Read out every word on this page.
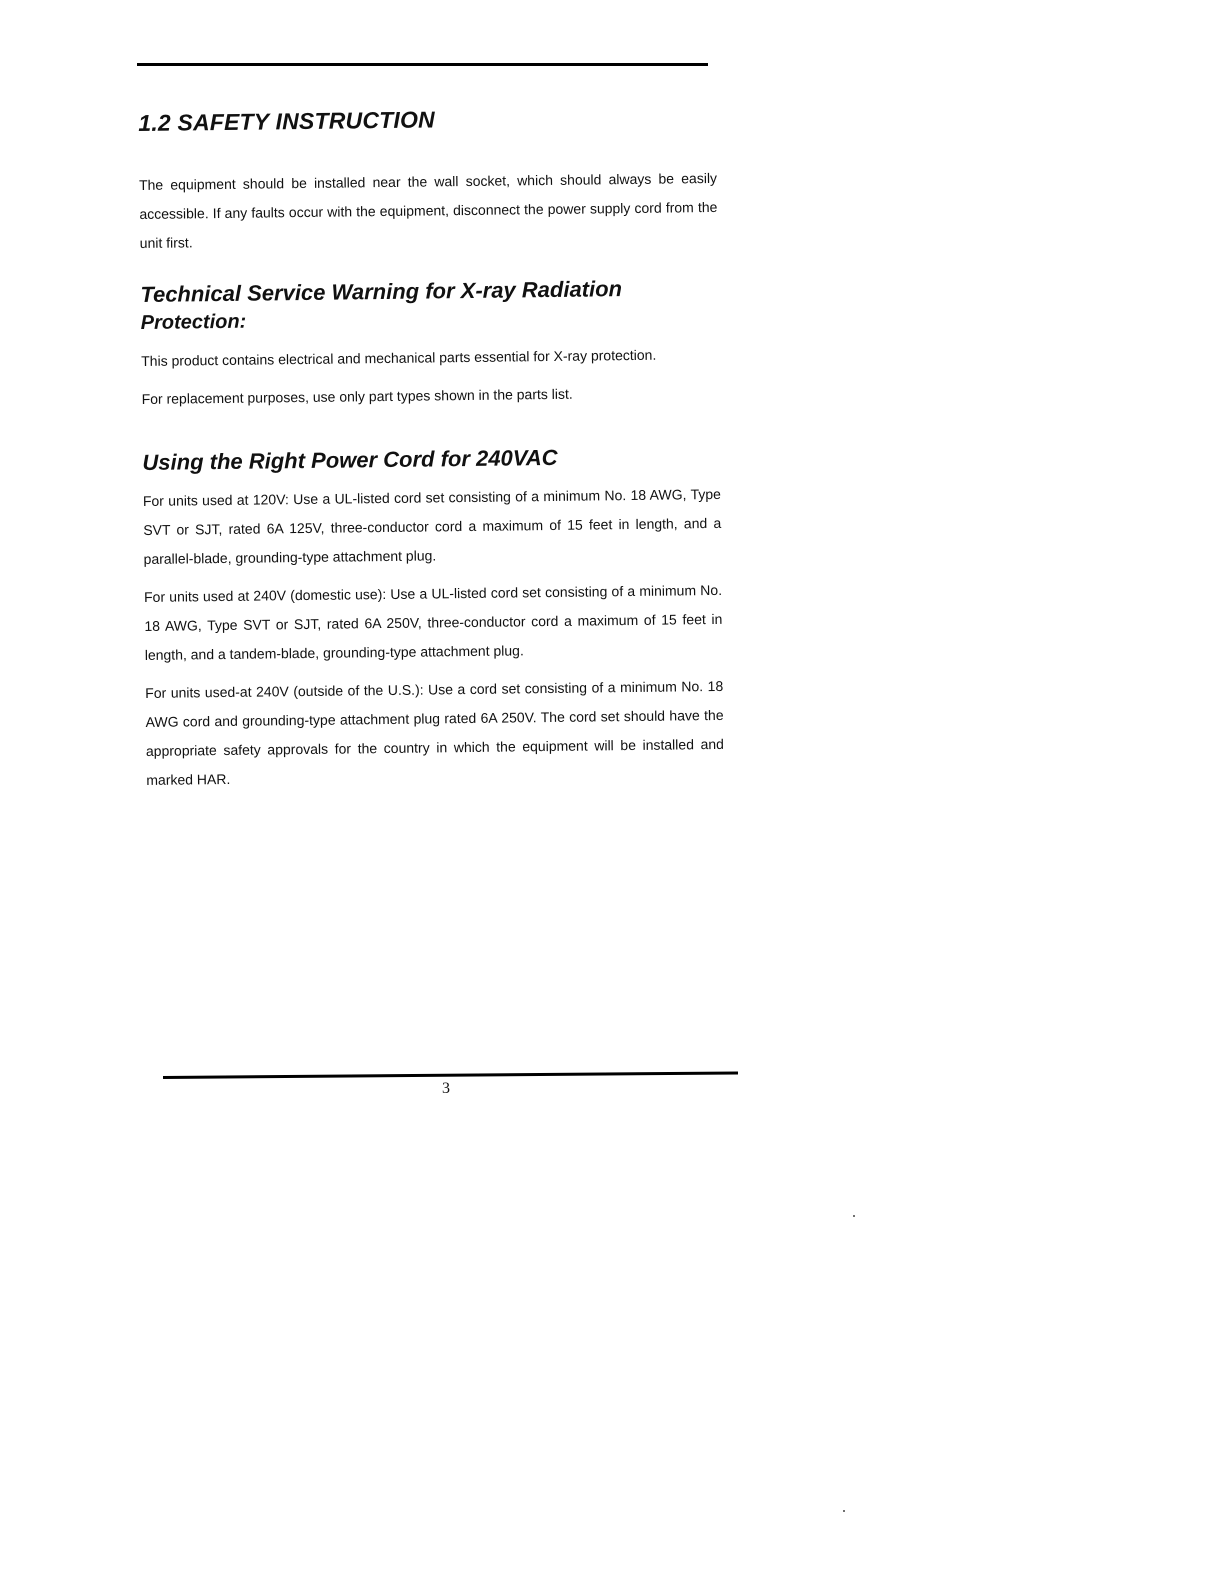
1.2 SAFETY INSTRUCTION

The equipment should be installed near the wall socket, which should always be easily accessible. If any faults occur with the equipment, disconnect the power supply cord from the unit first.

Technical Service Warning for X-ray Radiation
Protection:

This product contains electrical and mechanical parts essential for X-ray protection.

For replacement purposes, use only part types shown in the parts list.

Using the Right Power Cord for 240VAC

For units used at 120V: Use a UL-listed cord set consisting of a minimum No. 18 AWG, Type SVT or SJT, rated 6A 125V, three-conductor cord a maximum of 15 feet in length, and a parallel-blade, grounding-type attachment plug.

For units used at 240V (domestic use): Use a UL-listed cord set consisting of a minimum No. 18 AWG, Type SVT or SJT, rated 6A 250V, three-conductor cord a maximum of 15 feet in length, and a tandem-blade, grounding-type attachment plug.

For units used-at 240V (outside of the U.S.): Use a cord set consisting of a minimum No. 18 AWG cord and grounding-type attachment plug rated 6A 250V. The cord set should have the appropriate safety approvals for the country in which the equipment will be installed and marked HAR.

3
